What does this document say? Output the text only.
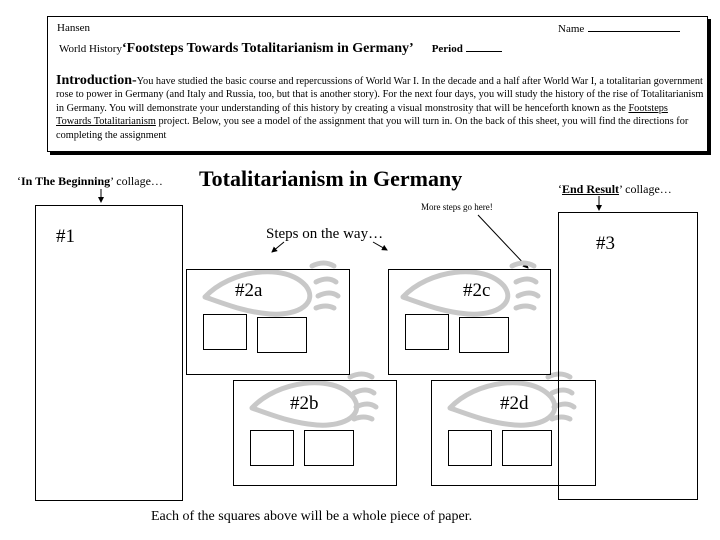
Hansen	Name
World History‘Footsteps Towards Totalitarianism in Germany’ Period
Introduction-You have studied the basic course and repercussions of World War I. In the decade and a half after World War I, a totalitarian government rose to power in Germany (and Italy and Russia, too, but that is another story). For the next four days, you will study the history of the rise of Totalitarianism in Germany. You will demonstrate your understanding of this history by creating a visual monstrosity that will be henceforth known as the Footsteps Towards Totalitarianism project. Below, you see a model of the assignment that you will turn in. On the back of this sheet, you will find the directions for completing the assignment
Totalitarianism in Germany
‘In The Beginning’ collage…
‘End Result’ collage…
More steps go here!
Steps on the way…
#1	#3
#2a	#2c
#2b	#2d
Each of the squares above will be a whole piece of paper.
